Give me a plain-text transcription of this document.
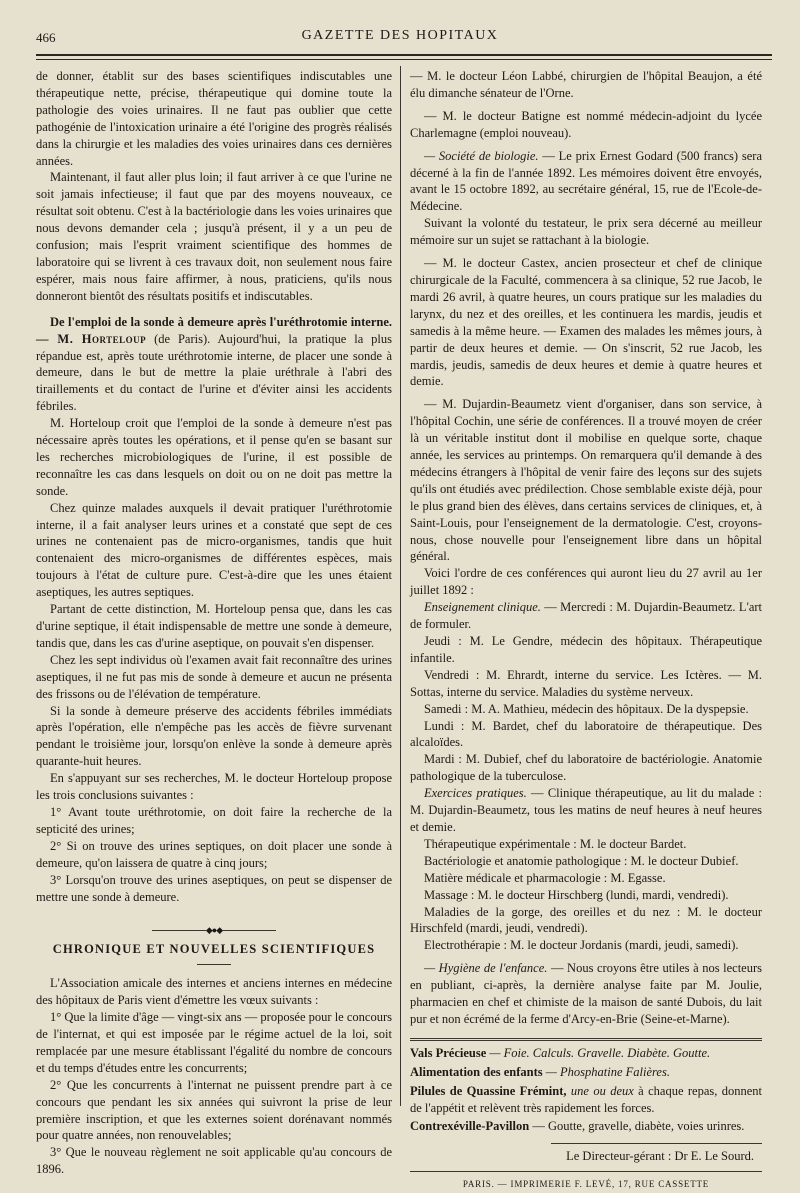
466	GAZETTE DES HOPITAUX

de donner, établit sur des bases scientifiques indiscutables une thérapeutique nette, précise, thérapeutique qui domine toute la pathologie des voies urinaires. Il ne faut pas oublier que cette pathogénie de l'intoxication urinaire a été l'origine des progrès réalisés dans la chirurgie et les maladies des voies urinaires dans ces dernières années.

Maintenant, il faut aller plus loin; il faut arriver à ce que l'urine ne soit jamais infectieuse; il faut que par des moyens nouveaux, ce résultat soit obtenu. C'est à la bactériologie dans les voies urinaires que nous devons demander cela ; jusqu'à présent, il y a un peu de confusion; mais l'esprit vraiment scientifique des hommes de laboratoire qui se livrent à ces travaux doit, non seulement nous faire espérer, mais nous faire affirmer, à nous, praticiens, qu'ils nous donneront bientôt des résultats positifs et indiscutables.

De l'emploi de la sonde à demeure après l'uréthrotomie interne. — M. Horteloup (de Paris). Aujourd'hui, la pratique la plus répandue est, après toute uréthrotomie interne, de placer une sonde à demeure, dans le but de mettre la plaie uréthrale à l'abri des tiraillements et du contact de l'urine et d'éviter ainsi les accidents fébriles.

M. Horteloup croit que l'emploi de la sonde à demeure n'est pas nécessaire après toutes les opérations, et il pense qu'en se basant sur les recherches microbiologiques de l'urine, il est possible de reconnaître les cas dans lesquels on doit ou on ne doit pas mettre la sonde.

Chez quinze malades auxquels il devait pratiquer l'uréthrotomie interne, il a fait analyser leurs urines et a constaté que sept de ces urines ne contenaient pas de micro-organismes, tandis que huit contenaient des micro-organismes de différentes espèces, mais toujours à l'état de culture pure. C'est-à-dire que les unes étaient aseptiques, les autres septiques.

Partant de cette distinction, M. Horteloup pensa que, dans les cas d'urine septique, il était indispensable de mettre une sonde à demeure, tandis que, dans les cas d'urine aseptique, on pouvait s'en dispenser.

Chez les sept individus où l'examen avait fait reconnaître des urines aseptiques, il ne fut pas mis de sonde à demeure et aucun ne présenta des frissons ou de l'élévation de température.

Si la sonde à demeure préserve des accidents fébriles immédiats après l'opération, elle n'empêche pas les accès de fièvre survenant pendant le troisième jour, lorsqu'on enlève la sonde à demeure après quarante-huit heures.

En s'appuyant sur ses recherches, M. le docteur Horteloup propose les trois conclusions suivantes :

1° Avant toute uréthrotomie, on doit faire la recherche de la septicité des urines;

2° Si on trouve des urines septiques, on doit placer une sonde à demeure, qu'on laissera de quatre à cinq jours;

3° Lorsqu'on trouve des urines aseptiques, on peut se dispenser de mettre une sonde à demeure.

◆●◆
CHRONIQUE ET NOUVELLES SCIENTIFIQUES

L'Association amicale des internes et anciens internes en médecine des hôpitaux de Paris vient d'émettre les vœux suivants :

1° Que la limite d'âge — vingt-six ans — proposée pour le concours de l'internat, et qui est imposée par le régime actuel de la loi, soit remplacée par une mesure établissant l'égalité du nombre de concours et du temps d'études entre les concurrents;

2° Que les concurrents à l'internat ne puissent prendre part à ce concours que pendant les six années qui suivront la prise de leur première inscription, et que les externes soient dorénavant nommés pour quatre années, non renouvelables;

3° Que le nouveau règlement ne soit applicable qu'au concours de 1896.

— M. le docteur Léon Labbé, chirurgien de l'hôpital Beaujon, a été élu dimanche sénateur de l'Orne.

— M. le docteur Batigne est nommé médecin-adjoint du lycée Charlemagne (emploi nouveau).

— Société de biologie. — Le prix Ernest Godard (500 francs) sera décerné à la fin de l'année 1892. Les mémoires doivent être envoyés, avant le 15 octobre 1892, au secrétaire général, 15, rue de l'Ecole-de-Médecine.

Suivant la volonté du testateur, le prix sera décerné au meilleur mémoire sur un sujet se rattachant à la biologie.

— M. le docteur Castex, ancien prosecteur et chef de clinique chirurgicale de la Faculté, commencera à sa clinique, 52 rue Jacob, le mardi 26 avril, à quatre heures, un cours pratique sur les maladies du larynx, du nez et des oreilles, et les continuera les mardis, jeudis et samedis à la même heure. — Examen des malades les mêmes jours, à partir de deux heures et demie. — On s'inscrit, 52 rue Jacob, les mardis, jeudis, samedis de deux heures et demie à quatre heures et demie.

— M. Dujardin-Beaumetz vient d'organiser, dans son service, à l'hôpital Cochin, une série de conférences. Il a trouvé moyen de créer là un véritable institut dont il mobilise en quelque sorte, chaque année, les services au printemps. On remarquera qu'il demande à des médecins étrangers à l'hôpital de venir faire des leçons sur des sujets qu'ils ont étudiés avec prédilection. Chose semblable existe déjà, pour le plus grand bien des élèves, dans certains services de cliniques, et, à Saint-Louis, pour l'enseignement de la dermatologie. C'est, croyons-nous, chose nouvelle pour l'enseignement libre dans un hôpital général.

Voici l'ordre de ces conférences qui auront lieu du 27 avril au 1er juillet 1892 :

Enseignement clinique. — Mercredi : M. Dujardin-Beaumetz. L'art de formuler.

Jeudi : M. Le Gendre, médecin des hôpitaux. Thérapeutique infantile.

Vendredi : M. Ehrardt, interne du service. Les Ictères. — M. Sottas, interne du service. Maladies du système nerveux.

Samedi : M. A. Mathieu, médecin des hôpitaux. De la dyspepsie.

Lundi : M. Bardet, chef du laboratoire de thérapeutique. Des alcaloïdes.

Mardi : M. Dubief, chef du laboratoire de bactériologie. Anatomie pathologique de la tuberculose.

Exercices pratiques. — Clinique thérapeutique, au lit du malade : M. Dujardin-Beaumetz, tous les matins de neuf heures à neuf heures et demie.

Thérapeutique expérimentale : M. le docteur Bardet.

Bactériologie et anatomie pathologique : M. le docteur Dubief.

Matière médicale et pharmacologie : M. Egasse.

Massage : M. le docteur Hirschberg (lundi, mardi, vendredi).

Maladies de la gorge, des oreilles et du nez : M. le docteur Hirschfeld (mardi, jeudi, vendredi).

Electrothérapie : M. le docteur Jordanis (mardi, jeudi, samedi).

— Hygiène de l'enfance. — Nous croyons être utiles à nos lecteurs en publiant, ci-après, la dernière analyse faite par M. Joulie, pharmacien en chef et chimiste de la maison de santé Dubois, du lait pur et non écrémé de la ferme d'Arcy-en-Brie (Seine-et-Marne).

Vals Précieuse — Foie. Calculs. Gravelle. Diabète. Goutte.

Alimentation des enfants — Phosphatine Falières.

Pilules de Quassine Frémint, une ou deux à chaque repas, donnent de l'appétit et relèvent très rapidement les forces.

Contrexéville-Pavillon — Goutte, gravelle, diabète, voies urinres.

Le Directeur-gérant : Dr E. Le Sourd.
PARIS. — IMPRIMERIE F. LEVÉ, 17, RUE CASSETTE
